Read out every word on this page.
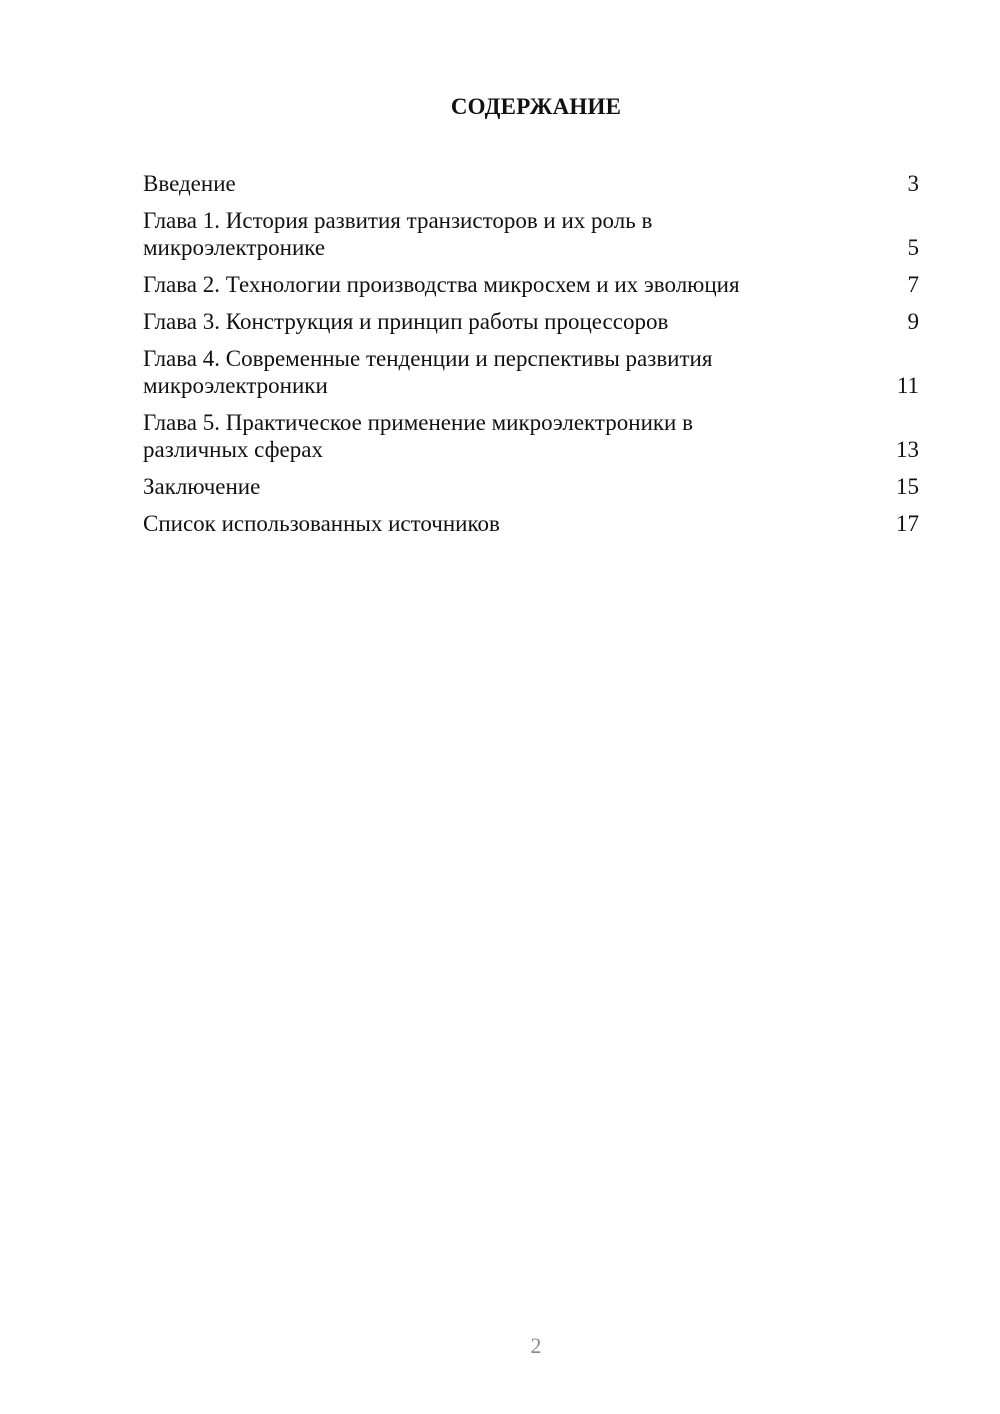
СОДЕРЖАНИЕ
Введение	3
Глава 1. История развития транзисторов и их роль в микроэлектронике	5
Глава 2. Технологии производства микросхем и их эволюция	7
Глава 3. Конструкция и принцип работы процессоров	9
Глава 4. Современные тенденции и перспективы развития микроэлектроники	11
Глава 5. Практическое применение микроэлектроники в различных сферах	13
Заключение	15
Список использованных источников	17
2
